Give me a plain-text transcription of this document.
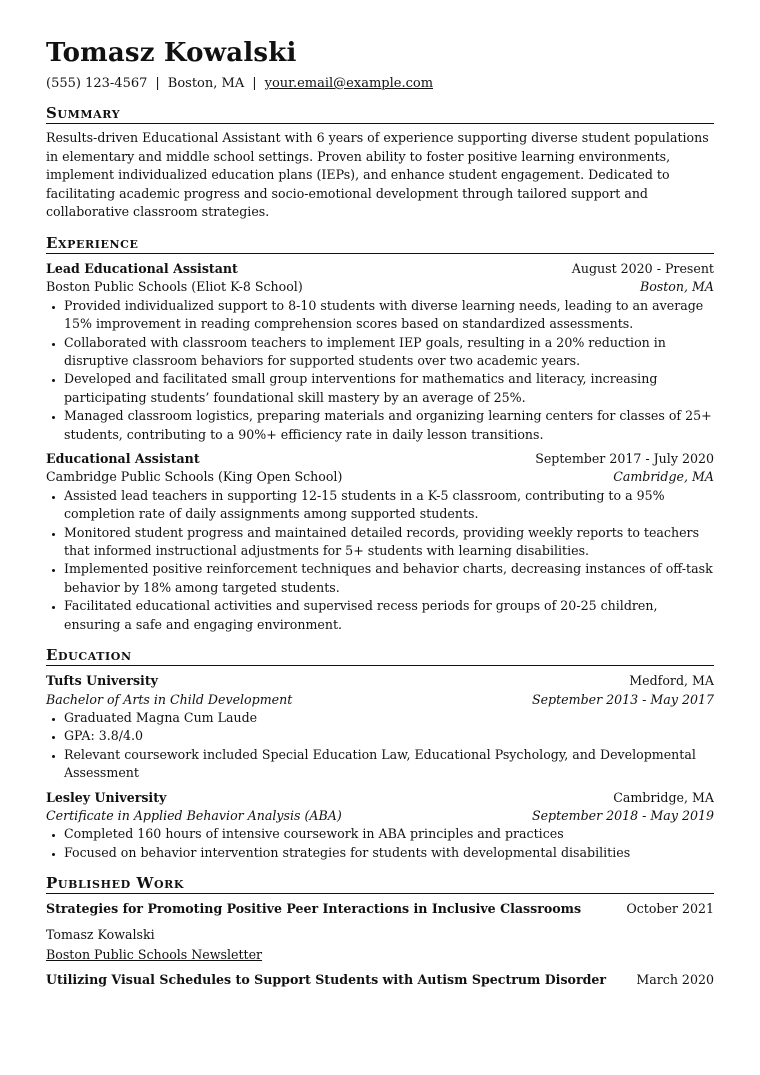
Tomasz Kowalski
(555) 123-4567 | Boston, MA | your.email@example.com
Summary
Results-driven Educational Assistant with 6 years of experience supporting diverse student populations in elementary and middle school settings. Proven ability to foster positive learning environments, implement individualized education plans (IEPs), and enhance student engagement. Dedicated to facilitating academic progress and socio-emotional development through tailored support and collaborative classroom strategies.
Experience
Lead Educational Assistant	August 2020 - Present
Boston Public Schools (Eliot K-8 School)	Boston, MA
• Provided individualized support to 8-10 students with diverse learning needs, leading to an average 15% improvement in reading comprehension scores based on standardized assessments.
• Collaborated with classroom teachers to implement IEP goals, resulting in a 20% reduction in disruptive classroom behaviors for supported students over two academic years.
• Developed and facilitated small group interventions for mathematics and literacy, increasing participating students’ foundational skill mastery by an average of 25%.
• Managed classroom logistics, preparing materials and organizing learning centers for classes of 25+ students, contributing to a 90%+ efficiency rate in daily lesson transitions.
Educational Assistant	September 2017 - July 2020
Cambridge Public Schools (King Open School)	Cambridge, MA
• Assisted lead teachers in supporting 12-15 students in a K-5 classroom, contributing to a 95% completion rate of daily assignments among supported students.
• Monitored student progress and maintained detailed records, providing weekly reports to teachers that informed instructional adjustments for 5+ students with learning disabilities.
• Implemented positive reinforcement techniques and behavior charts, decreasing instances of off-task behavior by 18% among targeted students.
• Facilitated educational activities and supervised recess periods for groups of 20-25 children, ensuring a safe and engaging environment.
Education
Tufts University	Medford, MA
Bachelor of Arts in Child Development	September 2013 - May 2017
• Graduated Magna Cum Laude
• GPA: 3.8/4.0
• Relevant coursework included Special Education Law, Educational Psychology, and Developmental Assessment
Lesley University	Cambridge, MA
Certificate in Applied Behavior Analysis (ABA)	September 2018 - May 2019
• Completed 160 hours of intensive coursework in ABA principles and practices
• Focused on behavior intervention strategies for students with developmental disabilities
Published Work
Strategies for Promoting Positive Peer Interactions in Inclusive Classrooms	October 2021
Tomasz Kowalski
Boston Public Schools Newsletter
Utilizing Visual Schedules to Support Students with Autism Spectrum Disorder March 2020
